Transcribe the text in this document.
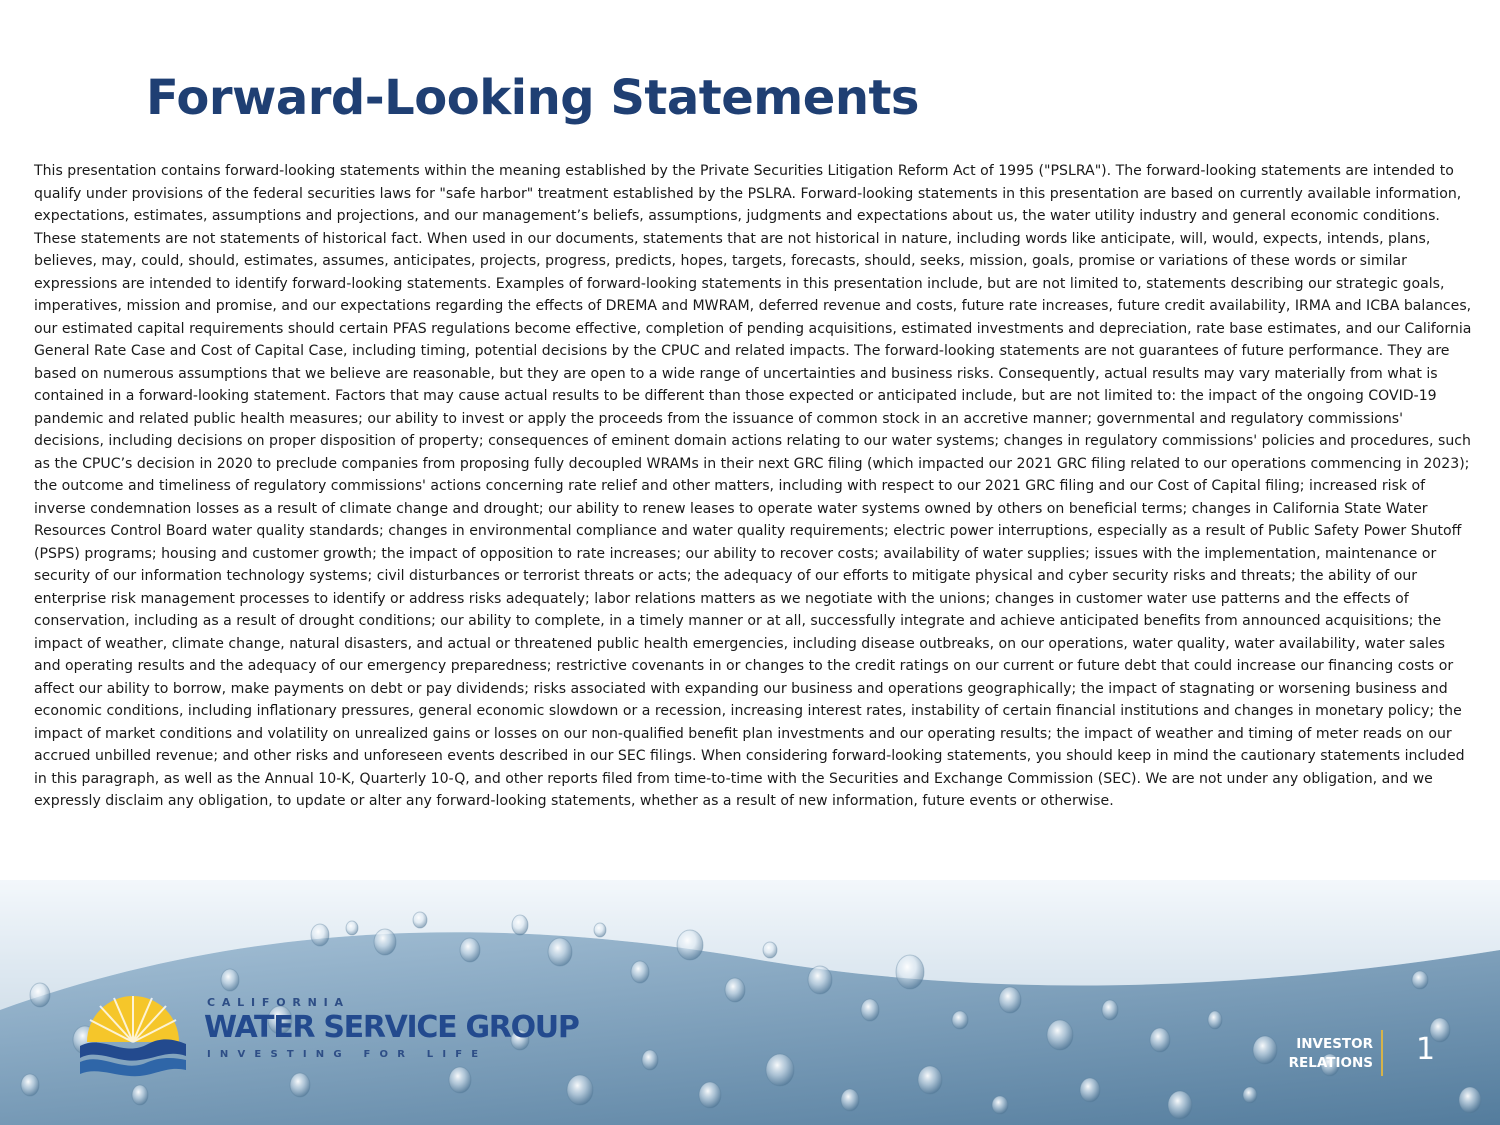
Forward-Looking Statements

This presentation contains forward-looking statements within the meaning established by the Private Securities Litigation Reform Act of 1995 ("PSLRA"). The forward-looking statements are intended to qualify under provisions of the federal securities laws for "safe harbor" treatment established by the PSLRA. Forward-looking statements in this presentation are based on currently available information, expectations, estimates, assumptions and projections, and our management’s beliefs, assumptions, judgments and expectations about us, the water utility industry and general economic conditions. These statements are not statements of historical fact. When used in our documents, statements that are not historical in nature, including words like anticipate, will, would, expects, intends, plans, believes, may, could, should, estimates, assumes, anticipates, projects, progress, predicts, hopes, targets, forecasts, should, seeks, mission, goals, promise or variations of these words or similar expressions are intended to identify forward-looking statements. Examples of forward-looking statements in this presentation include, but are not limited to, statements describing our strategic goals, imperatives, mission and promise, and our expectations regarding the effects of DREMA and MWRAM, deferred revenue and costs, future rate increases, future credit availability, IRMA and ICBA balances, our estimated capital requirements should certain PFAS regulations become effective, completion of pending acquisitions, estimated investments and depreciation, rate base estimates, and our California General Rate Case and Cost of Capital Case, including timing, potential decisions by the CPUC and related impacts. The forward-looking statements are not guarantees of future performance. They are based on numerous assumptions that we believe are reasonable, but they are open to a wide range of uncertainties and business risks. Consequently, actual results may vary materially from what is contained in a forward-looking statement. Factors that may cause actual results to be different than those expected or anticipated include, but are not limited to: the impact of the ongoing COVID-19 pandemic and related public health measures; our ability to invest or apply the proceeds from the issuance of common stock in an accretive manner; governmental and regulatory commissions' decisions, including decisions on proper disposition of property; consequences of eminent domain actions relating to our water systems; changes in regulatory commissions' policies and procedures, such as the CPUC’s decision in 2020 to preclude companies from proposing fully decoupled WRAMs in their next GRC filing (which impacted our 2021 GRC filing related to our operations commencing in 2023); the outcome and timeliness of regulatory commissions' actions concerning rate relief and other matters, including with respect to our 2021 GRC filing and our Cost of Capital filing; increased risk of inverse condemnation losses as a result of climate change and drought; our ability to renew leases to operate water systems owned by others on beneficial terms; changes in California State Water Resources Control Board water quality standards; changes in environmental compliance and water quality requirements; electric power interruptions, especially as a result of Public Safety Power Shutoff (PSPS) programs; housing and customer growth; the impact of opposition to rate increases; our ability to recover costs; availability of water supplies; issues with the implementation, maintenance or security of our information technology systems; civil disturbances or terrorist threats or acts; the adequacy of our efforts to mitigate physical and cyber security risks and threats; the ability of our enterprise risk management processes to identify or address risks adequately; labor relations matters as we negotiate with the unions; changes in customer water use patterns and the effects of conservation, including as a result of drought conditions; our ability to complete, in a timely manner or at all, successfully integrate and achieve anticipated benefits from announced acquisitions; the impact of weather, climate change, natural disasters, and actual or threatened public health emergencies, including disease outbreaks, on our operations, water quality, water availability, water sales and operating results and the adequacy of our emergency preparedness; restrictive covenants in or changes to the credit ratings on our current or future debt that could increase our financing costs or affect our ability to borrow, make payments on debt or pay dividends; risks associated with expanding our business and operations geographically; the impact of stagnating or worsening business and economic conditions, including inflationary pressures, general economic slowdown or a recession, increasing interest rates, instability of certain financial institutions and changes in monetary policy; the impact of market conditions and volatility on unrealized gains or losses on our non-qualified benefit plan investments and our operating results; the impact of weather and timing of meter reads on our accrued unbilled revenue; and other risks and unforeseen events described in our SEC filings. When considering forward-looking statements, you should keep in mind the cautionary statements included in this paragraph, as well as the Annual 10-K, Quarterly 10-Q, and other reports filed from time-to-time with the Securities and Exchange Commission (SEC). We are not under any obligation, and we expressly disclaim any obligation, to update or alter any forward-looking statements, whether as a result of new information, future events or otherwise.

CALIFORNIA

WATER SERVICE GROUP

INVESTING FOR LIFE

INVESTOR
RELATIONS 1
